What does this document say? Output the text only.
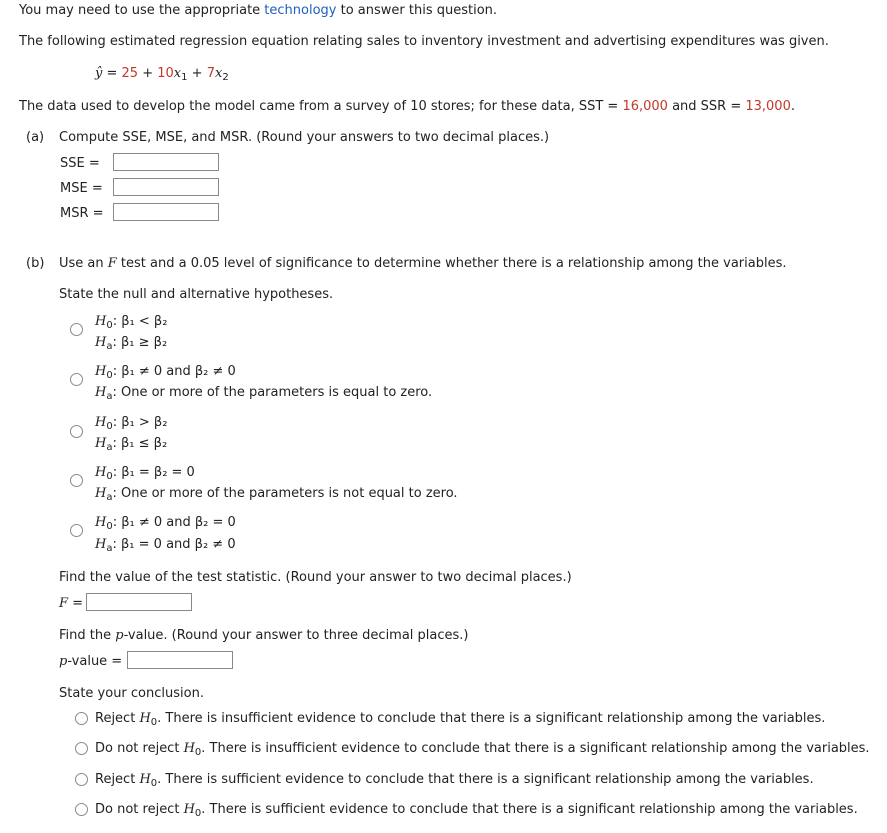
You may need to use the appropriate technology to answer this question.
The following estimated regression equation relating sales to inventory investment and advertising expenditures was given.
ŷ = $25 + 10x_1 + 7x_2$
The data used to develop the model came from a survey of 10 stores; for these data, SST = 16,000 and SSR = 13,000.
(a) Compute SSE, MSE, and MSR. (Round your answers to two decimal places.)
SSE =
MSE =
MSR =
(b) Use an F test and a 0.05 level of significance to determine whether there is a relationship among the variables.
State the null and alternative hypotheses.
$H_0$: β₁ < β₂
$H_a$: β₁ ≥ β₂
$H_0$: β₁ ≠ 0 and β₂ ≠ 0
$H_a$: One or more of the parameters is equal to zero.
$H_0$: β₁ > β₂
$H_a$: β₁ ≤ β₂
$H_0$: β₁ = β₂ = 0
$H_a$: One or more of the parameters is not equal to zero.
$H_0$: β₁ ≠ 0 and β₂ = 0
$H_a$: β₁ = 0 and β₂ ≠ 0
Find the value of the test statistic. (Round your answer to two decimal places.)
F =
Find the p-value. (Round your answer to three decimal places.)
p-value =
State your conclusion.
Reject $H_0$. There is insufficient evidence to conclude that there is a significant relationship among the variables.
Do not reject $H_0$. There is insufficient evidence to conclude that there is a significant relationship among the variables.
Reject $H_0$. There is sufficient evidence to conclude that there is a significant relationship among the variables.
Do not reject $H_0$. There is sufficient evidence to conclude that there is a significant relationship among the variables.
